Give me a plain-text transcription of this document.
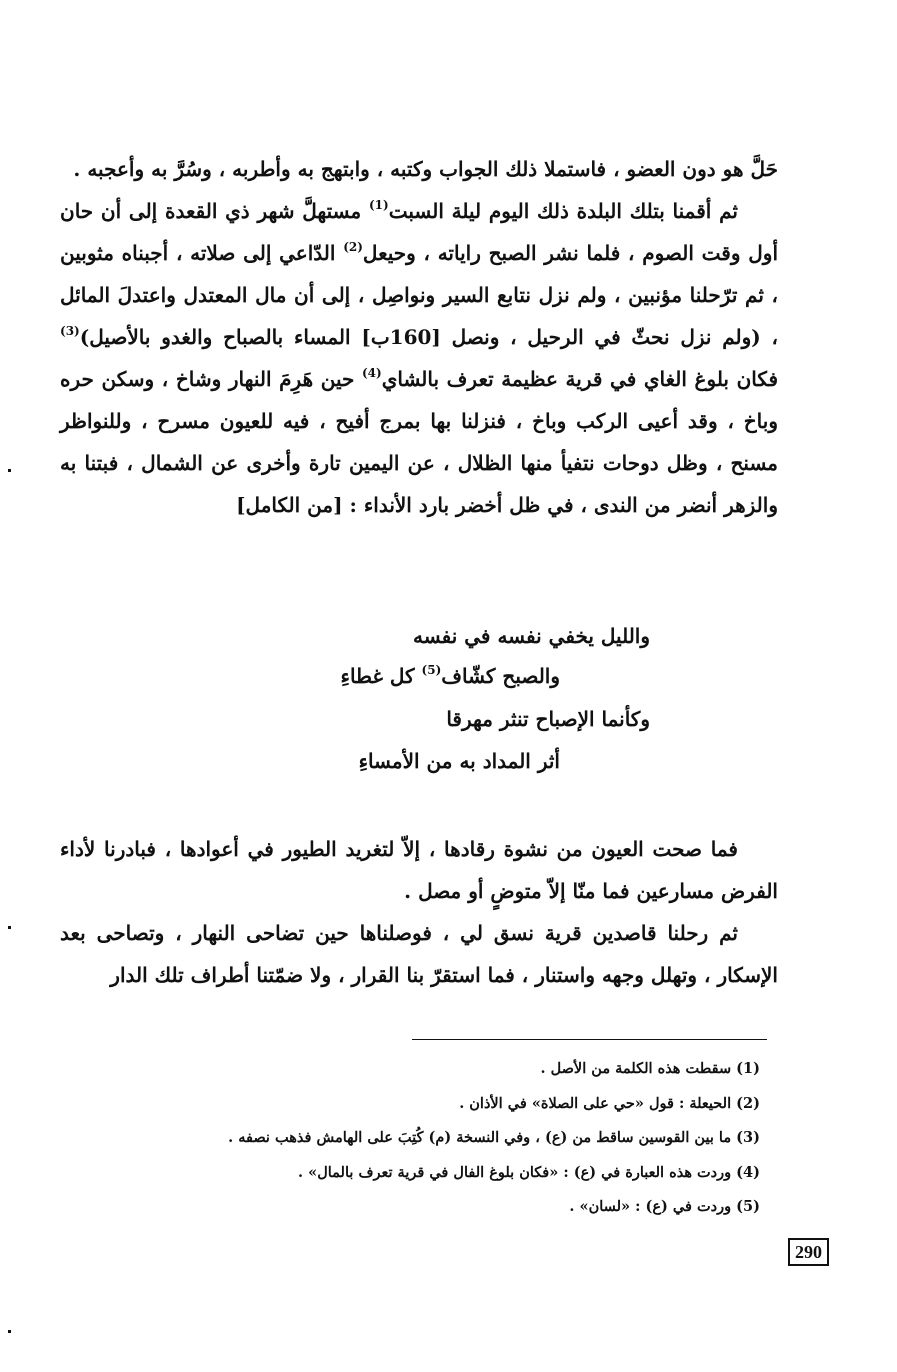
حَلَّ هو دون العضو ، فاستملا ذلك الجواب وكتبه ، وابتهج به وأطربه ، وسُرَّ به وأعجبه .

ثم أقمنا بتلك البلدة ذلك اليوم ليلة السبت$^{(1)}$ مستهلَّ شهر ذي القعدة إلى أن حان أول وقت الصوم ، فلما نشر الصبح راياته ، وحيعل$^{(2)}$ الدّاعي إلى صلاته ، أجبناه مثوبين ، ثم ترّحلنا مؤنبين ، ولم نزل نتابع السير ونواصِل ، إلى أن مال المعتدل واعتدلَ المائل ، (ولم نزل نحثّ في الرحيل ، ونصل [160ب] المساء بالصباح والغدو بالأصيل)$^{(3)}$ فكان بلوغ الغاي في قرية عظيمة تعرف بالشاي$^{(4)}$ حين هَرِمَ النهار وشاخ ، وسكن حره وباخ ، وقد أعيى الركب وباخ ، فنزلنا بها بمرج أفيح ، فيه للعيون مسرح ، وللنواظر مسنح ، وظل دوحات نتفيأ منها الظلال ، عن اليمين تارة وأخرى عن الشمال ، فبتنا به والزهر أنضر من الندى ، في ظل أخضر بارد الأنداء : [من الكامل]

والليل يخفي نفسه في نفسه

والصبح كشّاف$^{(5)}$ كل غطاءِ

وكأنما الإصباح تنثر مهرقا

أثر المداد به من الأمساءِ

فما صحت العيون من نشوة رقادها ، إلاّ لتغريد الطيور في أعوادها ، فبادرنا لأداء الفرض مسارعين فما منّا إلاّ متوضٍ أو مصل .

ثم رحلنا قاصدين قرية نسق لي ، فوصلناها حين تضاحى النهار ، وتصاحى بعد الإسكار ، وتهلل وجهه واستنار ، فما استقرّ بنا القرار ، ولا ضمّتنا أطراف تلك الدار

(1) سقطت هذه الكلمة من الأصل .
(2) الحيعلة : قول «حي على الصلاة» في الأذان .
(3) ما بين القوسين ساقط من (ع) ، وفي النسخة (م) كُتِبَ على الهامش فذهب نصفه .
(4) وردت هذه العبارة في (ع) : «فكان بلوغ الفال في قرية تعرف بالمال» .
(5) وردت في (ع) : «لسان» .
290
